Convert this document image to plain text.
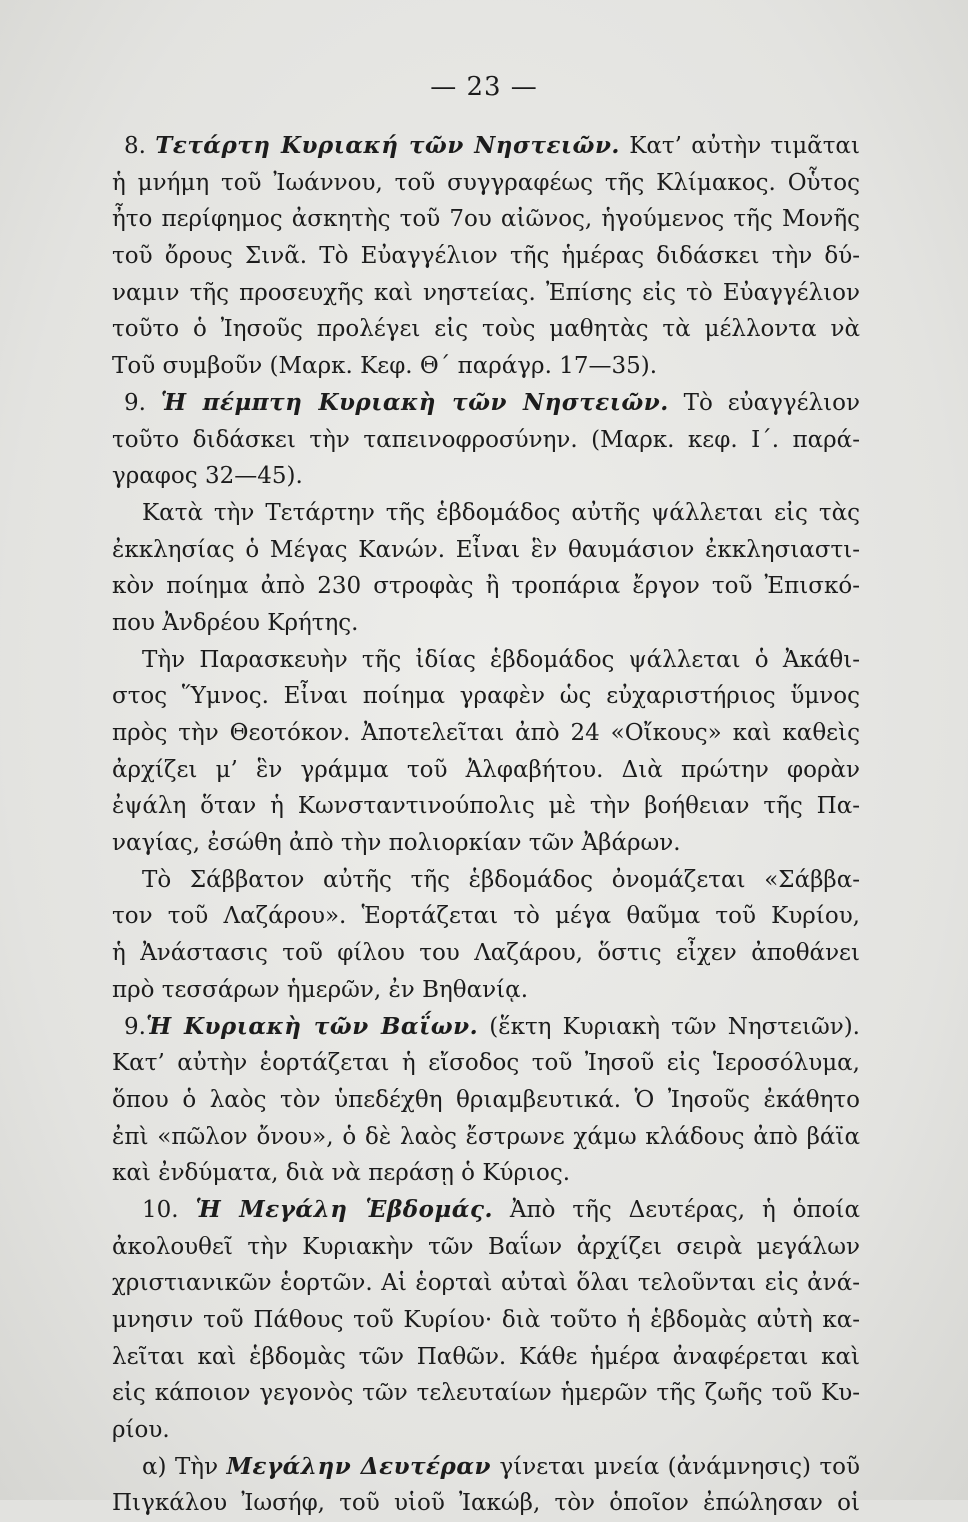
— 23 —
8. Τετάρτη Κυριακή τῶν Νηστειῶν. Κατ’ αὐτὴν τιμᾶται
ἡ μνήμη τοῦ Ἰωάννου, τοῦ συγγραφέως τῆς Κλίμακος. Οὗτος
ἦτο περίφημος ἀσκητὴς τοῦ 7ου αἰῶνος, ἡγούμενος τῆς Μονῆς
τοῦ ὄρους Σινᾶ. Τὸ Εὐαγγέλιον τῆς ἡμέρας διδάσκει τὴν δύ-
ναμιν τῆς προσευχῆς καὶ νηστείας. Ἐπίσης εἰς τὸ Εὐαγγέλιον
τοῦτο ὁ Ἰησοῦς προλέγει εἰς τοὺς μαθητὰς τὰ μέλλοντα νὰ
Τοῦ συμβοῦν (Μαρκ. Κεφ. Θ΄ παράγρ. 17—35).
9. Ἡ πέμπτη Κυριακὴ τῶν Νηστειῶν. Τὸ εὐαγγέλιον
τοῦτο διδάσκει τὴν ταπεινοφροσύνην. (Μαρκ. κεφ. Ι΄. παρά-
γραφος 32—45).
Κατὰ τὴν Τετάρτην τῆς ἑβδομάδος αὐτῆς ψάλλεται εἰς τὰς
ἐκκλησίας ὁ Μέγας Κανών. Εἶναι ἓν θαυμάσιον ἐκκλησιαστι-
κὸν ποίημα ἀπὸ 230 στροφὰς ἢ τροπάρια ἔργον τοῦ Ἐπισκό-
που Ἀνδρέου Κρήτης.
Τὴν Παρασκευὴν τῆς ἰδίας ἑβδομάδος ψάλλεται ὁ Ἀκάθι-
στος Ὕμνος. Εἶναι ποίημα γραφὲν ὡς εὐχαριστήριος ὕμνος
πρὸς τὴν Θεοτόκον. Ἀποτελεῖται ἀπὸ 24 «Οἴκους» καὶ καθεὶς
ἀρχίζει μ’ ἓν γράμμα τοῦ Ἀλφαβήτου. Διὰ πρώτην φορὰν
ἐψάλη ὅταν ἡ Κωνσταντινούπολις μὲ τὴν βοήθειαν τῆς Πα-
ναγίας, ἐσώθη ἀπὸ τὴν πολιορκίαν τῶν Ἀβάρων.
Τὸ Σάββατον αὐτῆς τῆς ἑβδομάδος ὀνομάζεται «Σάββα-
τον τοῦ Λαζάρου». Ἑορτάζεται τὸ μέγα θαῦμα τοῦ Κυρίου,
ἡ Ἀνάστασις τοῦ φίλου του Λαζάρου, ὅστις εἶχεν ἀποθάνει
πρὸ τεσσάρων ἡμερῶν, ἐν Βηθανίᾳ.
9.Ἡ Κυριακὴ τῶν Βαΐων. (ἕκτη Κυριακὴ τῶν Νηστειῶν).
Κατ’ αὐτὴν ἑορτάζεται ἡ εἴσοδος τοῦ Ἰησοῦ εἰς Ἱεροσόλυμα,
ὅπου ὁ λαὸς τὸν ὑπεδέχθη θριαμβευτικά. Ὁ Ἰησοῦς ἐκάθητο
ἐπὶ «πῶλον ὄνου», ὁ δὲ λαὸς ἔστρωνε χάμω κλάδους ἀπὸ βάϊα
καὶ ἐνδύματα, διὰ νὰ περάσῃ ὁ Κύριος.
10. Ἡ Μεγάλη Ἑβδομάς. Ἀπὸ τῆς Δευτέρας, ἡ ὁποία
ἀκολουθεῖ τὴν Κυριακὴν τῶν Βαΐων ἀρχίζει σειρὰ μεγάλων
χριστιανικῶν ἑορτῶν. Αἱ ἑορταὶ αὐταὶ ὅλαι τελοῦνται εἰς ἀνά-
μνησιν τοῦ Πάθους τοῦ Κυρίου· διὰ τοῦτο ἡ ἑβδομὰς αὐτὴ κα-
λεῖται καὶ ἑβδομὰς τῶν Παθῶν. Κάθε ἡμέρα ἀναφέρεται καὶ
εἰς κάποιον γεγονὸς τῶν τελευταίων ἡμερῶν τῆς ζωῆς τοῦ Κυ-
ρίου.
α) Τὴν Μεγάλην Δευτέραν γίνεται μνεία (ἀνάμνησις) τοῦ
Πιγκάλου Ἰωσήφ, τοῦ υἱοῦ Ἰακώβ, τὸν ὁποῖον ἐπώλησαν οἱ
